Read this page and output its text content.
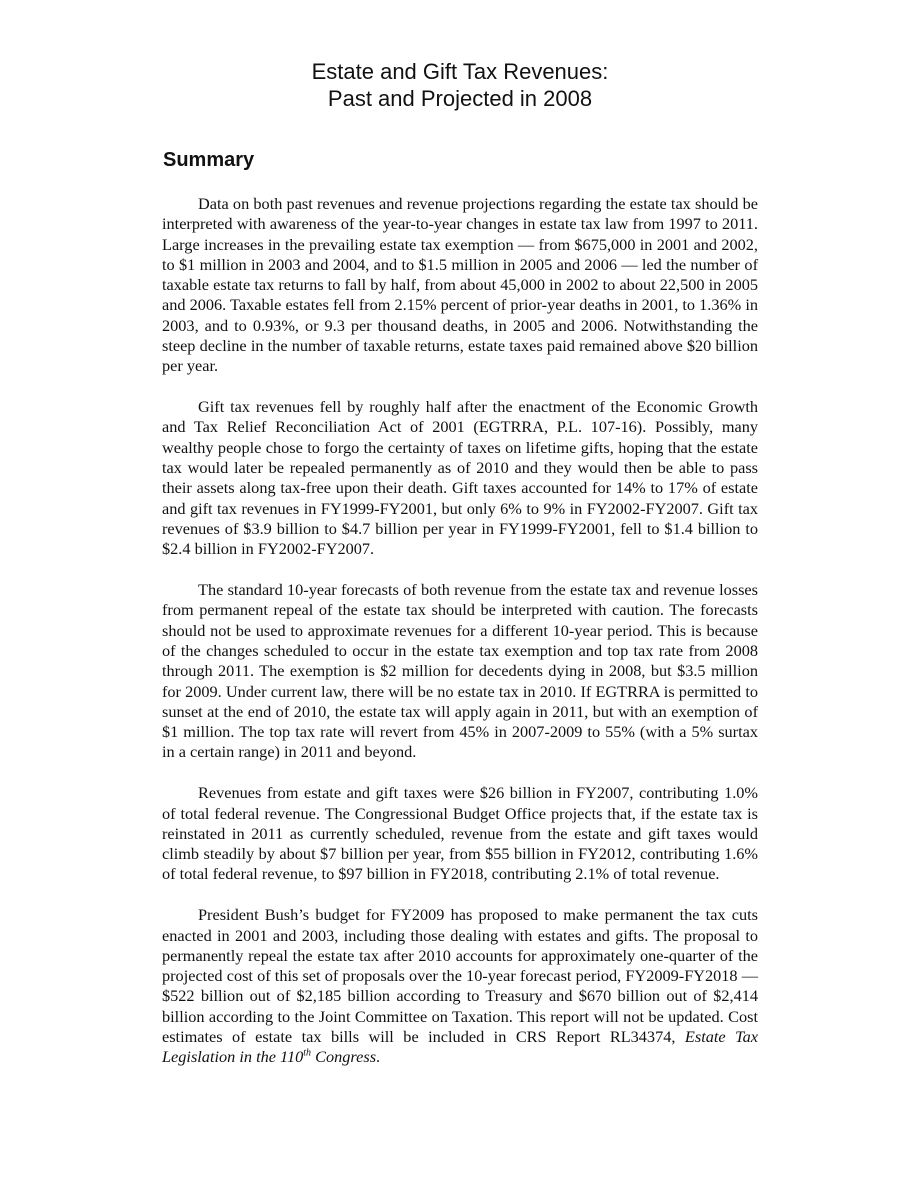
Estate and Gift Tax Revenues:
Past and Projected in 2008
Summary

Data on both past revenues and revenue projections regarding the estate tax should be interpreted with awareness of the year-to-year changes in estate tax law from 1997 to 2011. Large increases in the prevailing estate tax exemption — from $675,000 in 2001 and 2002, to $1 million in 2003 and 2004, and to $1.5 million in 2005 and 2006 — led the number of taxable estate tax returns to fall by half, from about 45,000 in 2002 to about 22,500 in 2005 and 2006. Taxable estates fell from 2.15% percent of prior-year deaths in 2001, to 1.36% in 2003, and to 0.93%, or 9.3 per thousand deaths, in 2005 and 2006. Notwithstanding the steep decline in the number of taxable returns, estate taxes paid remained above $20 billion per year.

Gift tax revenues fell by roughly half after the enactment of the Economic Growth and Tax Relief Reconciliation Act of 2001 (EGTRRA, P.L. 107-16). Possibly, many wealthy people chose to forgo the certainty of taxes on lifetime gifts, hoping that the estate tax would later be repealed permanently as of 2010 and they would then be able to pass their assets along tax-free upon their death. Gift taxes accounted for 14% to 17% of estate and gift tax revenues in FY1999-FY2001, but only 6% to 9% in FY2002-FY2007. Gift tax revenues of $3.9 billion to $4.7 billion per year in FY1999-FY2001, fell to $1.4 billion to $2.4 billion in FY2002-FY2007.

The standard 10-year forecasts of both revenue from the estate tax and revenue losses from permanent repeal of the estate tax should be interpreted with caution. The forecasts should not be used to approximate revenues for a different 10-year period. This is because of the changes scheduled to occur in the estate tax exemption and top tax rate from 2008 through 2011. The exemption is $2 million for decedents dying in 2008, but $3.5 million for 2009. Under current law, there will be no estate tax in 2010. If EGTRRA is permitted to sunset at the end of 2010, the estate tax will apply again in 2011, but with an exemption of $1 million. The top tax rate will revert from 45% in 2007-2009 to 55% (with a 5% surtax in a certain range) in 2011 and beyond.

Revenues from estate and gift taxes were $26 billion in FY2007, contributing 1.0% of total federal revenue. The Congressional Budget Office projects that, if the estate tax is reinstated in 2011 as currently scheduled, revenue from the estate and gift taxes would climb steadily by about $7 billion per year, from $55 billion in FY2012, contributing 1.6% of total federal revenue, to $97 billion in FY2018, contributing 2.1% of total revenue.

President Bush’s budget for FY2009 has proposed to make permanent the tax cuts enacted in 2001 and 2003, including those dealing with estates and gifts. The proposal to permanently repeal the estate tax after 2010 accounts for approximately one-quarter of the projected cost of this set of proposals over the 10-year forecast period, FY2009-FY2018 — $522 billion out of $2,185 billion according to Treasury and $670 billion out of $2,414 billion according to the Joint Committee on Taxation. This report will not be updated. Cost estimates of estate tax bills will be included in CRS Report RL34374, Estate Tax Legislation in the 110th Congress.
